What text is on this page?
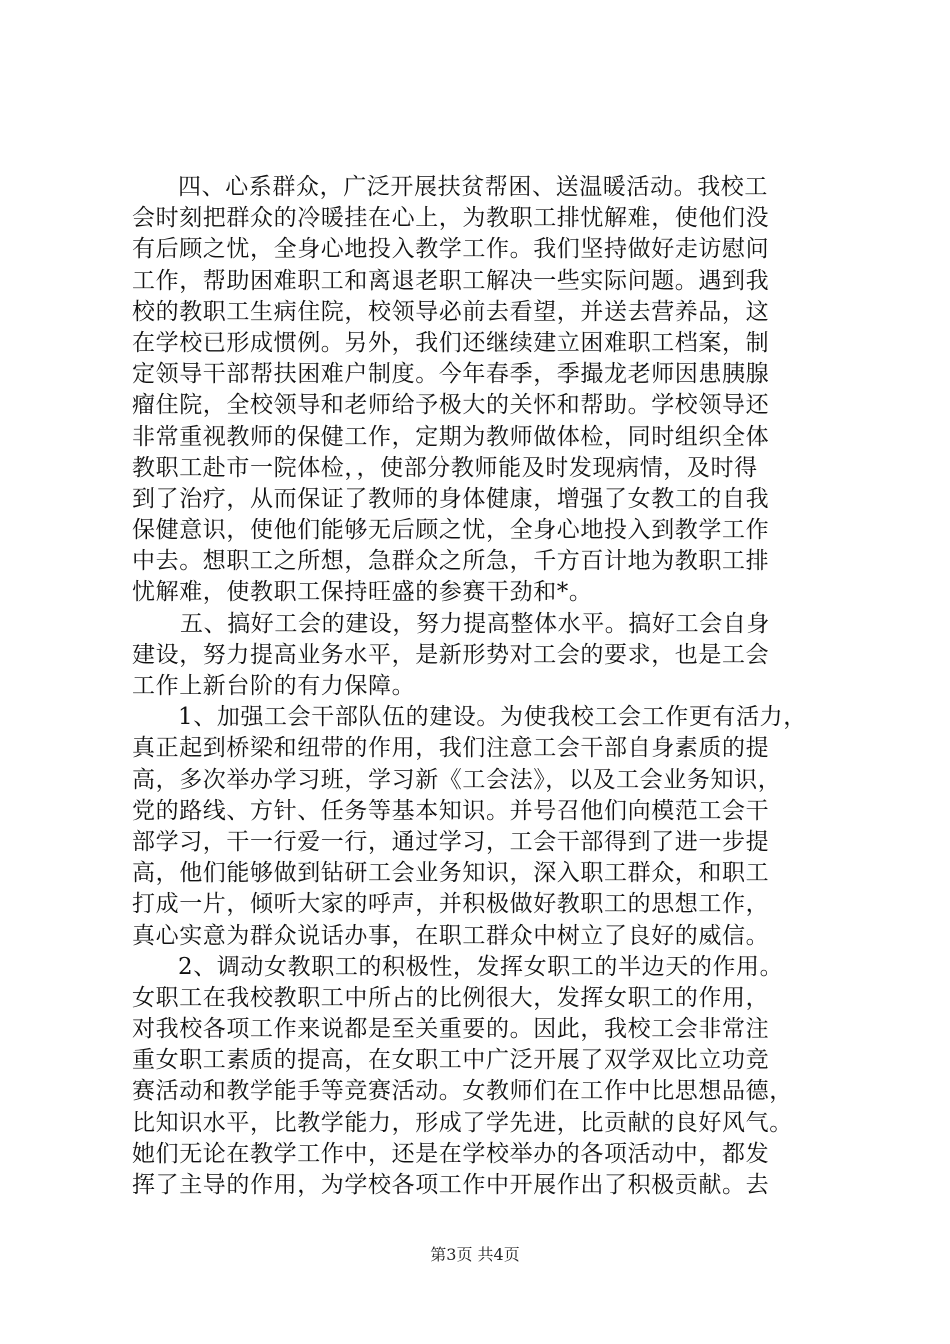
四、心系群众，广泛开展扶贫帮困、送温暖活动。我校工
会时刻把群众的冷暖挂在心上，为教职工排忧解难，使他们没
有后顾之忧，全身心地投入教学工作。我们坚持做好走访慰问
工作，帮助困难职工和离退老职工解决一些实际问题。遇到我
校的教职工生病住院，校领导必前去看望，并送去营养品，这
在学校已形成惯例。另外，我们还继续建立困难职工档案，制
定领导干部帮扶困难户制度。今年春季，季撮龙老师因患胰腺
瘤住院，全校领导和老师给予极大的关怀和帮助。学校领导还
非常重视教师的保健工作，定期为教师做体检，同时组织全体
教职工赴市一院体检，，使部分教师能及时发现病情，及时得
到了治疗，从而保证了教师的身体健康，增强了女教工的自我
保健意识，使他们能够无后顾之忧，全身心地投入到教学工作
中去。想职工之所想，急群众之所急，千方百计地为教职工排
忧解难，使教职工保持旺盛的参赛干劲和*。
五、搞好工会的建设，努力提高整体水平。搞好工会自身
建设，努力提高业务水平，是新形势对工会的要求，也是工会
工作上新台阶的有力保障。
1、加强工会干部队伍的建设。为使我校工会工作更有活力，
真正起到桥梁和纽带的作用，我们注意工会干部自身素质的提
高，多次举办学习班，学习新《工会法》，以及工会业务知识，
党的路线、方针、任务等基本知识。并号召他们向模范工会干
部学习，干一行爱一行，通过学习，工会干部得到了进一步提
高，他们能够做到钻研工会业务知识，深入职工群众，和职工
打成一片，倾听大家的呼声，并积极做好教职工的思想工作，
真心实意为群众说话办事，在职工群众中树立了良好的威信。
2、调动女教职工的积极性，发挥女职工的半边天的作用。
女职工在我校教职工中所占的比例很大，发挥女职工的作用，
对我校各项工作来说都是至关重要的。因此，我校工会非常注
重女职工素质的提高，在女职工中广泛开展了双学双比立功竞
赛活动和教学能手等竞赛活动。女教师们在工作中比思想品德，
比知识水平，比教学能力，形成了学先进，比贡献的良好风气。
她们无论在教学工作中，还是在学校举办的各项活动中，都发
挥了主导的作用，为学校各项工作中开展作出了积极贡献。去
第3页 共4页
